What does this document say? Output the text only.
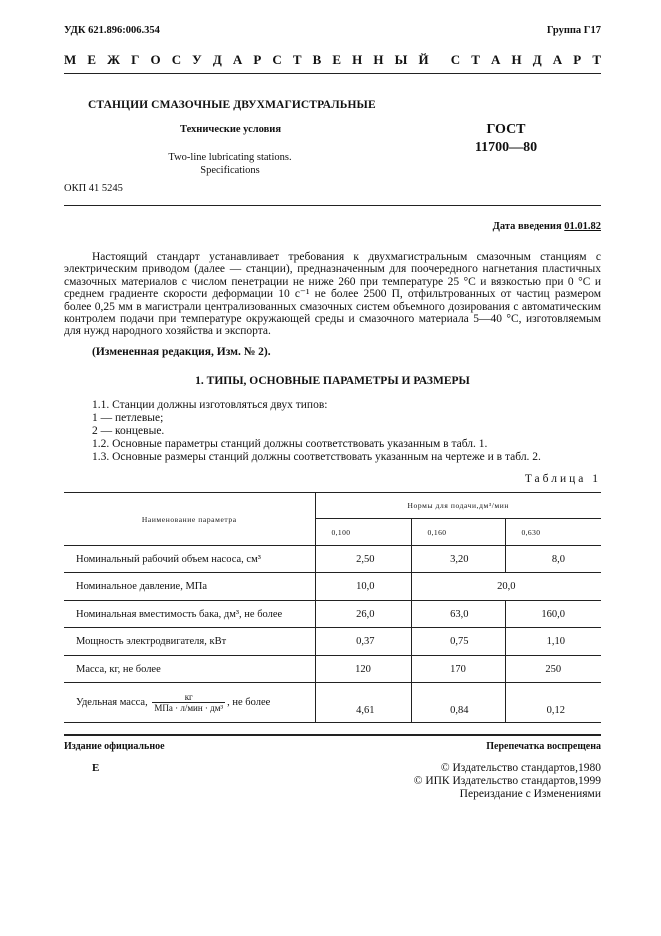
УДК 621.896:006.354	Группа Г17
М Е Ж Г О С У Д А Р С Т В Е Н Н Ы Й С Т А Н Д А Р Т
СТАНЦИИ СМАЗОЧНЫЕ ДВУХМАГИСТРАЛЬНЫЕ
Технические условия
Two-line lubricating stations.
Specifications
ГОСТ
11700—80
ОКП 41 5245
Дата введения 01.01.82

Настоящий стандарт устанавливает требования к двухмагистральным смазочным станциям с электрическим приводом (далее — станции), предназначенным для поочередного нагнетания пластичных смазочных материалов с числом пенетрации не ниже 260 при температуре 25 °С и вязкостью при 0 °С и среднем градиенте скорости деформации 10 с⁻¹ не более 2500 П, отфильтрованных от частиц размером более 0,25 мм в магистрали централизованных смазочных систем объемного дозирования с автоматическим контролем подачи при температуре окружающей среды и смазочного материала 5—40 °С, изготовляемым для нужд народного хозяйства и экспорта.

(Измененная редакция, Изм. № 2).
1. ТИПЫ, ОСНОВНЫЕ ПАРАМЕТРЫ И РАЗМЕРЫ
1.1. Станции должны изготовляться двух типов:
1 — петлевые;
2 — концевые.
1.2. Основные параметры станций должны соответствовать указанным в табл. 1.
1.3. Основные размеры станций должны соответствовать указанным на чертеже и в табл. 2.
Таблица 1
Наименование параметра	Нормы для подачи,дм³/мин		
	0,100	0,160	0,630
Номинальный рабочий объем насоса, см³	2,50	3,20	8,0
Номинальное давление, МПа	10,0	20,0	
Номинальная вместимость бака, дм³, не более	26,0	63,0	160,0
Мощность электродвигателя, кВт	0,37	0,75	1,10
Масса, кг, не более	120	170	250
Удельная масса, $\frac{кг}{\text{МПа · л/мин · дм³}}$ , не более	4,61	0,84	0,12
Издание официальное	Перепечатка воспрещена
Е	© Издательство стандартов,1980
© ИПК Издательство стандартов,1999
Переиздание с Изменениями
